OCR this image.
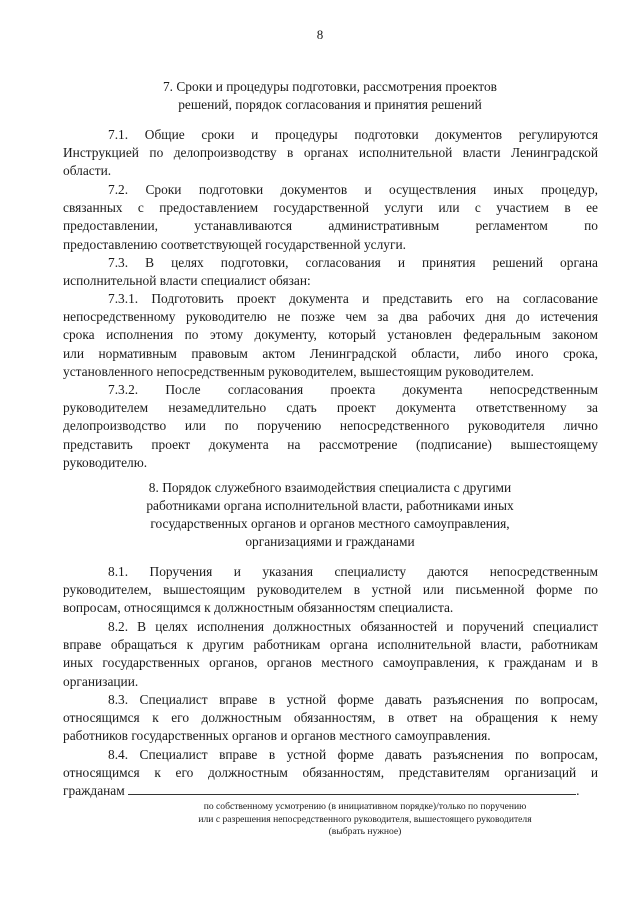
8
7. Сроки и процедуры подготовки, рассмотрения проектов
решений, порядок согласования и принятия решений
7.1. Общие сроки и процедуры подготовки документов регулируются
Инструкцией по делопроизводству в органах исполнительной власти Ленинградской
области.
7.2. Сроки подготовки документов и осуществления иных процедур,
связанных с предоставлением государственной услуги или с участием в ее
предоставлении, устанавливаются административным регламентом по
предоставлению соответствующей государственной услуги.
7.3. В целях подготовки, согласования и принятия решений органа
исполнительной власти специалист обязан:
7.3.1. Подготовить проект документа и представить его на согласование
непосредственному руководителю не позже чем за два рабочих дня до истечения
срока исполнения по этому документу, который установлен федеральным законом
или нормативным правовым актом Ленинградской области, либо иного срока,
установленного непосредственным руководителем, вышестоящим руководителем.
7.3.2. После согласования проекта документа непосредственным
руководителем незамедлительно сдать проект документа ответственному за
делопроизводство или по поручению непосредственного руководителя лично
представить проект документа на рассмотрение (подписание) вышестоящему
руководителю.
8. Порядок служебного взаимодействия специалиста с другими
работниками органа исполнительной власти, работниками иных
государственных органов и органов местного самоуправления,
организациями и гражданами
8.1. Поручения и указания специалисту даются непосредственным
руководителем, вышестоящим руководителем в устной или письменной форме по
вопросам, относящимся к должностным обязанностям специалиста.
8.2. В целях исполнения должностных обязанностей и поручений специалист
вправе обращаться к другим работникам органа исполнительной власти, работникам
иных государственных органов, органов местного самоуправления, к гражданам и в
организации.
8.3. Специалист вправе в устной форме давать разъяснения по вопросам,
относящимся к его должностным обязанностям, в ответ на обращения к нему
работников государственных органов и органов местного самоуправления.
8.4. Специалист вправе в устной форме давать разъяснения по вопросам,
относящимся к его должностным обязанностям, представителям организаций и
гражданам	.
по собственному усмотрению (в инициативном порядке)/только по поручению
или с разрешения непосредственного руководителя, вышестоящего руководителя
(выбрать нужное)
